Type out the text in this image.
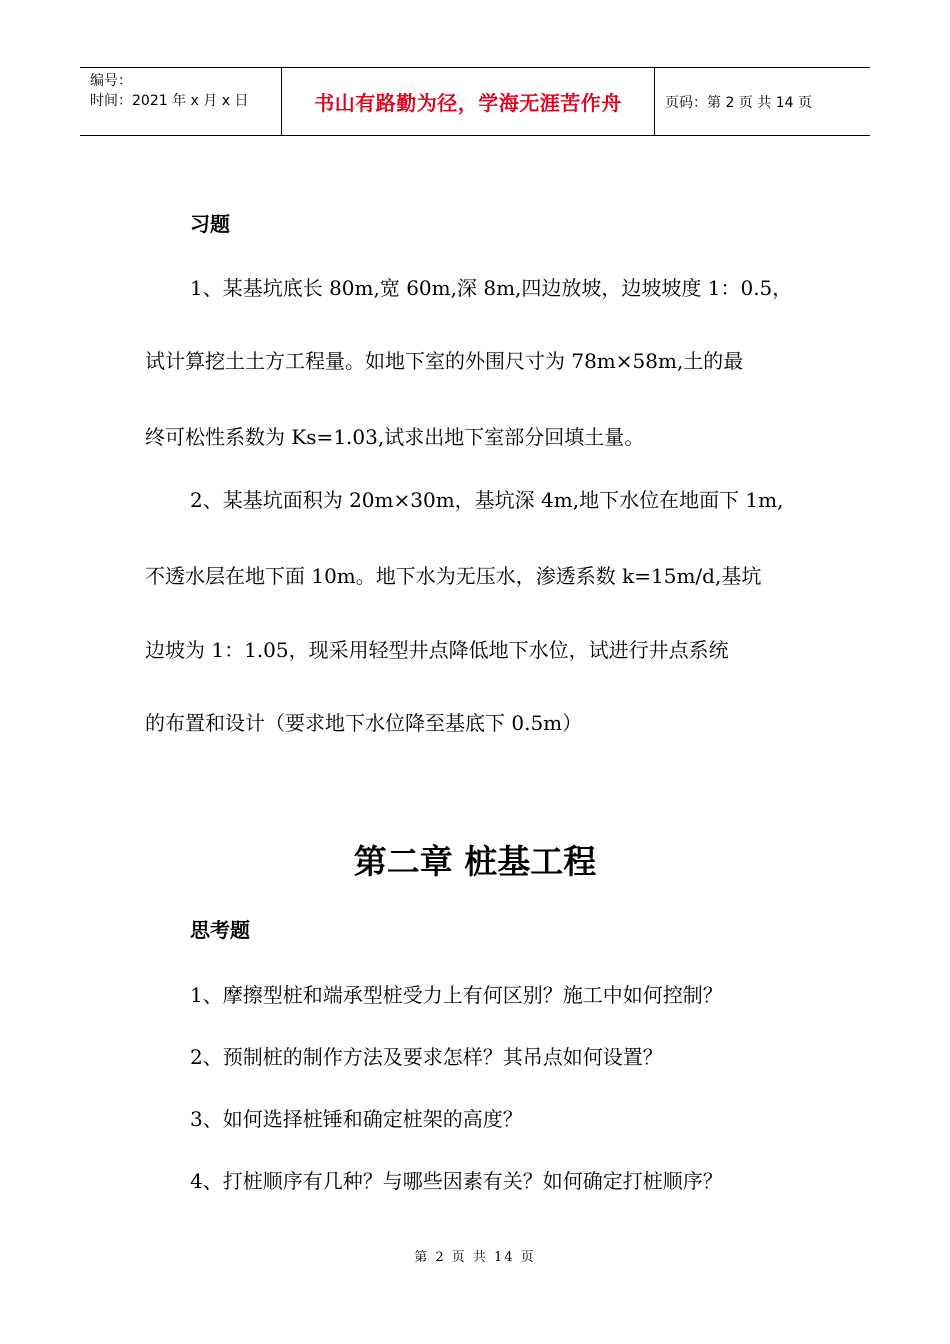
编号：
时间：2021 年 x 月 x 日	书山有路勤为径，学海无涯苦作舟	页码：第 2 页 共 14 页
习题
1、某基坑底长 80m,宽 60m,深 8m,四边放坡，边坡坡度 1：0.5，
试计算挖土土方工程量。如地下室的外围尺寸为 78m×58m,土的最
终可松性系数为 Ks=1.03,试求出地下室部分回填土量。
2、某基坑面积为 20m×30m，基坑深 4m,地下水位在地面下 1m,
不透水层在地下面 10m。地下水为无压水，渗透系数 k=15m/d,基坑
边坡为 1：1.05，现采用轻型井点降低地下水位，试进行井点系统
的布置和设计（要求地下水位降至基底下 0.5m）
第二章 桩基工程
思考题
1、摩擦型桩和端承型桩受力上有何区别？施工中如何控制？
2、预制桩的制作方法及要求怎样？其吊点如何设置？
3、如何选择桩锤和确定桩架的高度？
4、打桩顺序有几种？与哪些因素有关？如何确定打桩顺序？
第 2 页 共 14 页
